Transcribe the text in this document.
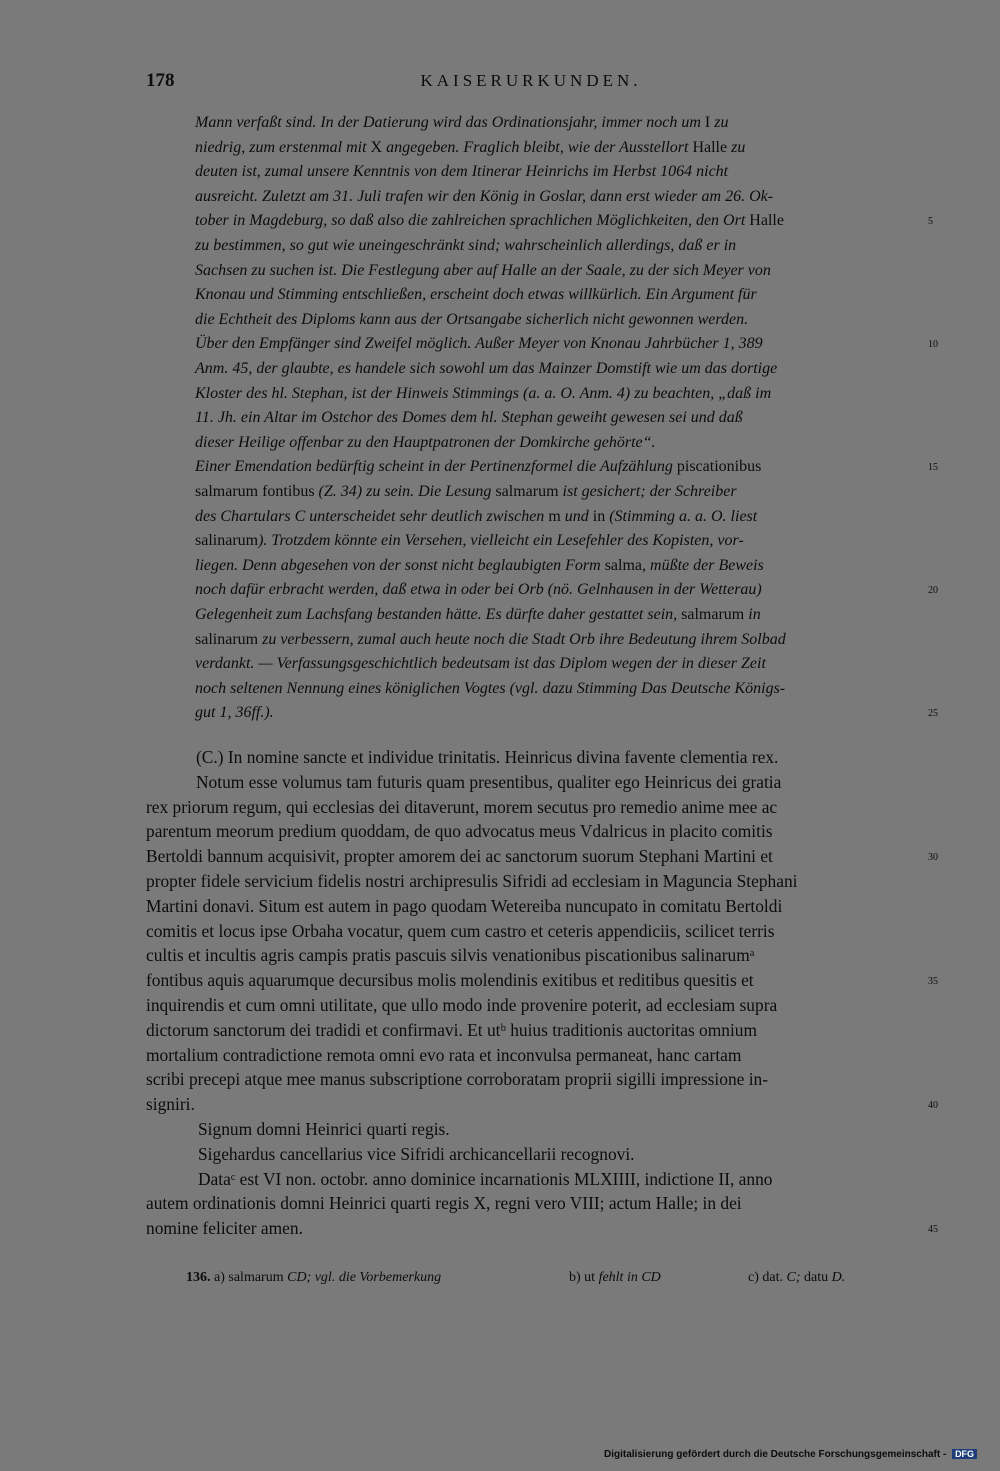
178	KAISERURKUNDEN.
Mann verfaßt sind. In der Datierung wird das Ordinationsjahr, immer noch um I zu
niedrig, zum erstenmal mit X angegeben. Fraglich bleibt, wie der Ausstellort Halle zu
deuten ist, zumal unsere Kenntnis von dem Itinerar Heinrichs im Herbst 1064 nicht
ausreicht. Zuletzt am 31. Juli trafen wir den König in Goslar, dann erst wieder am 26. Ok-
tober in Magdeburg, so daß also die zahlreichen sprachlichen Möglichkeiten, den Ort Halle	5
zu bestimmen, so gut wie uneingeschränkt sind; wahrscheinlich allerdings, daß er in
Sachsen zu suchen ist. Die Festlegung aber auf Halle an der Saale, zu der sich Meyer von
Knonau und Stimming entschließen, erscheint doch etwas willkürlich. Ein Argument für
die Echtheit des Diploms kann aus der Ortsangabe sicherlich nicht gewonnen werden.
Über den Empfänger sind Zweifel möglich. Außer Meyer von Knonau Jahrbücher 1, 389	10
Anm. 45, der glaubte, es handele sich sowohl um das Mainzer Domstift wie um das dortige
Kloster des hl. Stephan, ist der Hinweis Stimmings (a. a. O. Anm. 4) zu beachten, „daß im
11. Jh. ein Altar im Ostchor des Domes dem hl. Stephan geweiht gewesen sei und daß
dieser Heilige offenbar zu den Hauptpatronen der Domkirche gehörte“.
Einer Emendation bedürftig scheint in der Pertinenzformel die Aufzählung piscationibus	15
salmarum fontibus (Z. 34) zu sein. Die Lesung salmarum ist gesichert; der Schreiber
des Chartulars C unterscheidet sehr deutlich zwischen m und in (Stimming a. a. O. liest
salinarum). Trotzdem könnte ein Versehen, vielleicht ein Lesefehler des Kopisten, vor-
liegen. Denn abgesehen von der sonst nicht beglaubigten Form salma, müßte der Beweis
noch dafür erbracht werden, daß etwa in oder bei Orb (nö. Gelnhausen in der Wetterau)	20
Gelegenheit zum Lachsfang bestanden hätte. Es dürfte daher gestattet sein, salmarum in
salinarum zu verbessern, zumal auch heute noch die Stadt Orb ihre Bedeutung ihrem Solbad
verdankt. — Verfassungsgeschichtlich bedeutsam ist das Diplom wegen der in dieser Zeit
noch seltenen Nennung eines königlichen Vogtes (vgl. dazu Stimming Das Deutsche Königs-
gut 1, 36ff.).	25
(C.) In nomine sancte et individue trinitatis. Heinricus divina favente clementia rex.
Notum esse volumus tam futuris quam presentibus, qualiter ego Heinricus dei gratia
rex priorum regum, qui ecclesias dei ditaverunt, morem secutus pro remedio anime mee ac
parentum meorum predium quoddam, de quo advocatus meus Vdalricus in placito comitis
Bertoldi bannum acquisivit, propter amorem dei ac sanctorum suorum Stephani Martini et	30
propter fidele servicium fidelis nostri archipresulis Sifridi ad ecclesiam in Maguncia Stephani
Martini donavi. Situm est autem in pago quodam Wetereiba nuncupato in comitatu Bertoldi
comitis et locus ipse Orbaha vocatur, quem cum castro et ceteris appendiciis, scilicet terris
cultis et incultis agris campis pratis pascuis silvis venationibus piscationibus salinarumᵃ
fontibus aquis aquarumque decursibus molis molendinis exitibus et reditibus quesitis et	35
inquirendis et cum omni utilitate, que ullo modo inde provenire poterit, ad ecclesiam supra
dictorum sanctorum dei tradidi et confirmavi. Et utᵇ huius traditionis auctoritas omnium
mortalium contradictione remota omni evo rata et inconvulsa permaneat, hanc cartam
scribi precepi atque mee manus subscriptione corroboratam proprii sigilli impressione in-
signiri.	40
Signum domni Heinrici quarti regis.
Sigehardus cancellarius vice Sifridi archicancellarii recognovi.
Dataᶜ est VI non. octobr. anno dominice incarnationis MLXIIII, indictione II, anno
autem ordinationis domni Heinrici quarti regis X, regni vero VIII; actum Halle; in dei
nomine feliciter amen.	45
136. a) salmarum CD; vgl. die Vorbemerkung	b) ut fehlt in CD	c) dat. C; datu D.
Digitalisierung gefördert durch die Deutsche Forschungsgemeinschaft - DFG
